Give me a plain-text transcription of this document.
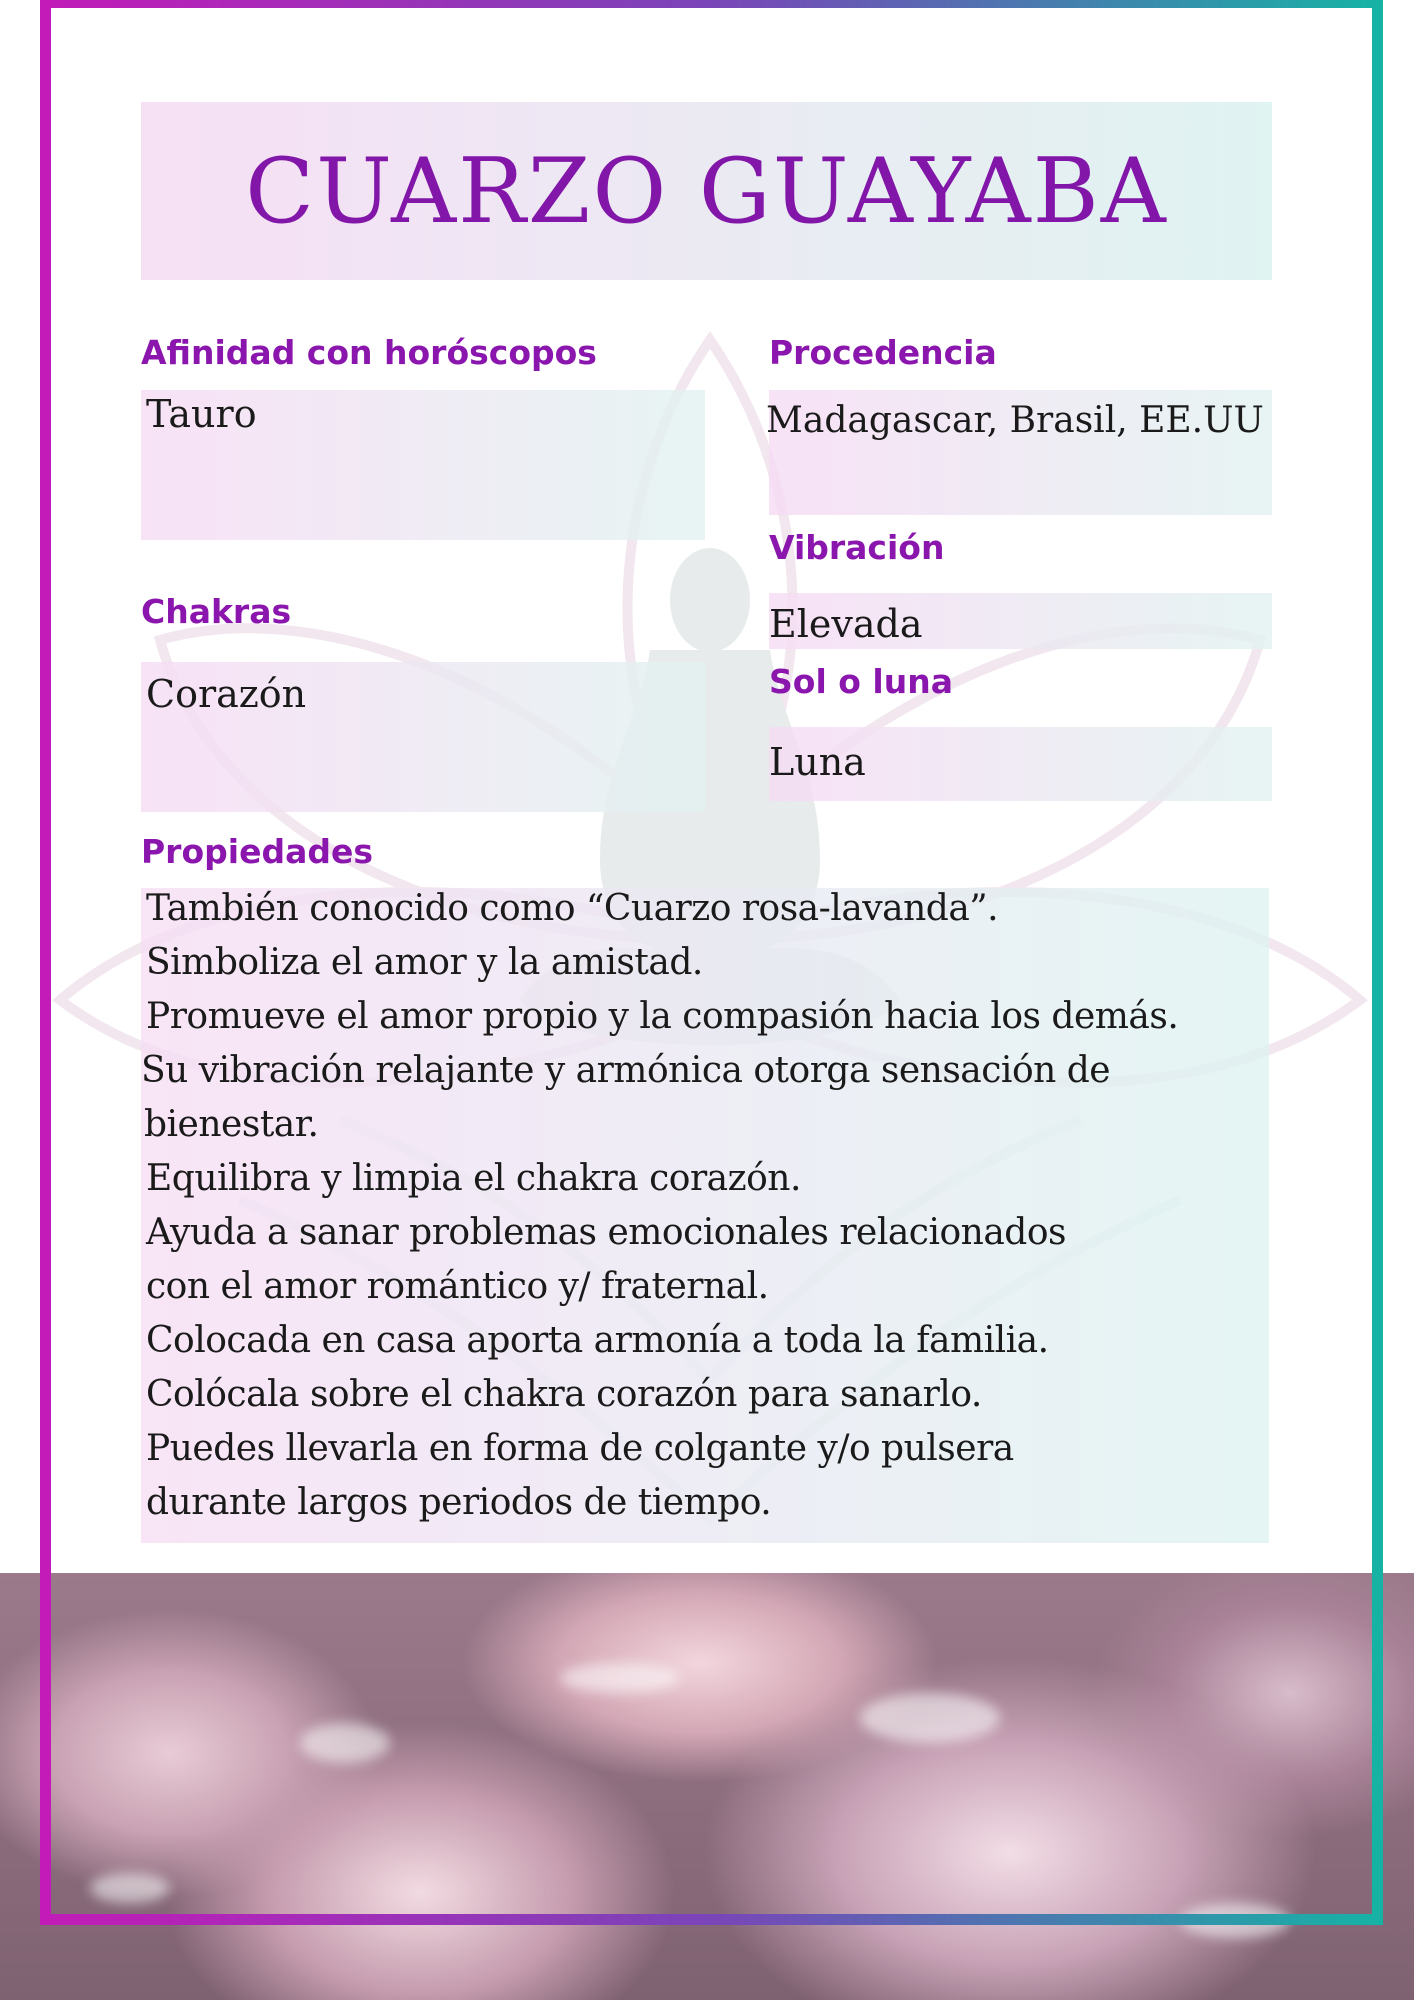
CUARZO GUAYABA
Afinidad con horóscopos
Tauro
Chakras
Corazón
Procedencia
Madagascar, Brasil, EE.UU
Vibración
Elevada
Sol o luna
Luna
Propiedades
También conocido como “Cuarzo rosa-lavanda”.
Simboliza el amor y la amistad.
Promueve el amor propio y la compasión hacia los demás.
Su vibración relajante y armónica otorga sensación de
bienestar.
Equilibra y limpia el chakra corazón.
Ayuda a sanar problemas emocionales relacionados
con el amor romántico y/ fraternal.
Colocada en casa aporta armonía a toda la familia.
Colócala sobre el chakra corazón para sanarlo.
Puedes llevarla en forma de colgante y/o pulsera
durante largos periodos de tiempo.
